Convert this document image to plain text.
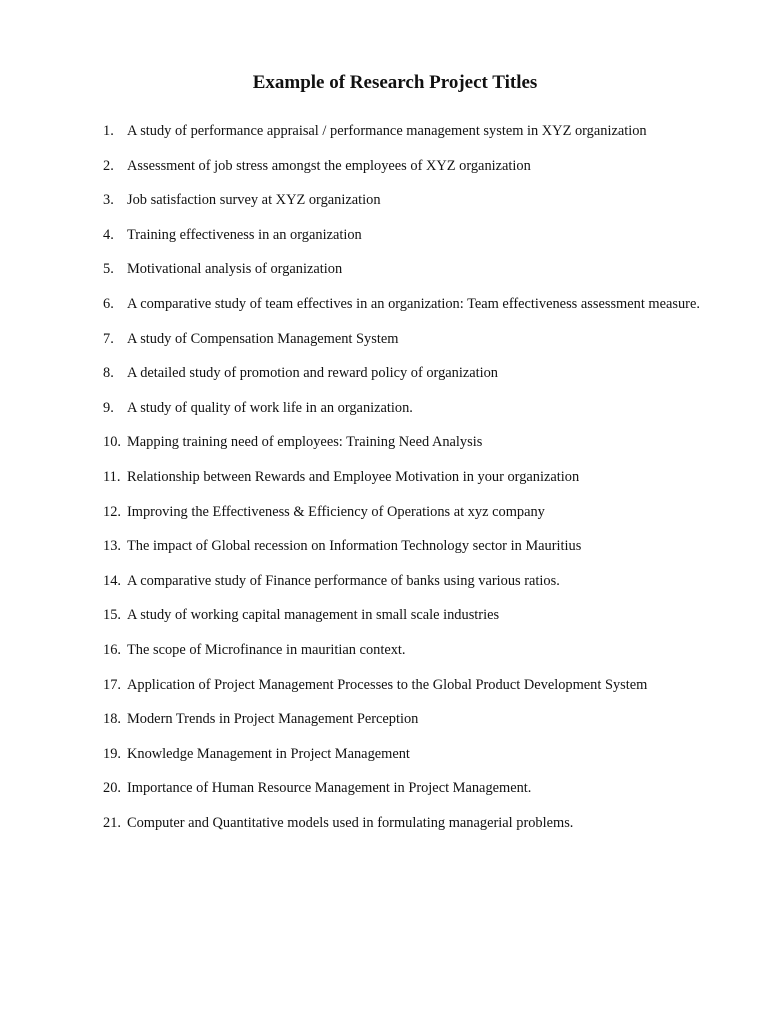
Example of Research Project Titles
1. A study of performance appraisal / performance management system in XYZ organization
2. Assessment of job stress amongst the employees of XYZ organization
3. Job satisfaction survey at XYZ organization
4. Training effectiveness in an organization
5. Motivational analysis of organization
6. A comparative study of team effectives in an organization: Team effectiveness assessment measure.
7. A study of Compensation Management System
8. A detailed study of promotion and reward policy of organization
9. A study of quality of work life in an organization.
10. Mapping training need of employees: Training Need Analysis
11. Relationship between Rewards and Employee Motivation in your organization
12. Improving the Effectiveness & Efficiency of Operations at xyz company
13. The impact of Global recession on Information Technology sector in Mauritius
14. A comparative study of Finance performance of banks using various ratios.
15. A study of working capital management in small scale industries
16. The scope of Microfinance in mauritian context.
17. Application of Project Management Processes to the Global Product Development System
18. Modern Trends in Project Management Perception
19. Knowledge Management in Project Management
20. Importance of Human Resource Management in Project Management.
21. Computer and Quantitative models used in formulating managerial problems.
